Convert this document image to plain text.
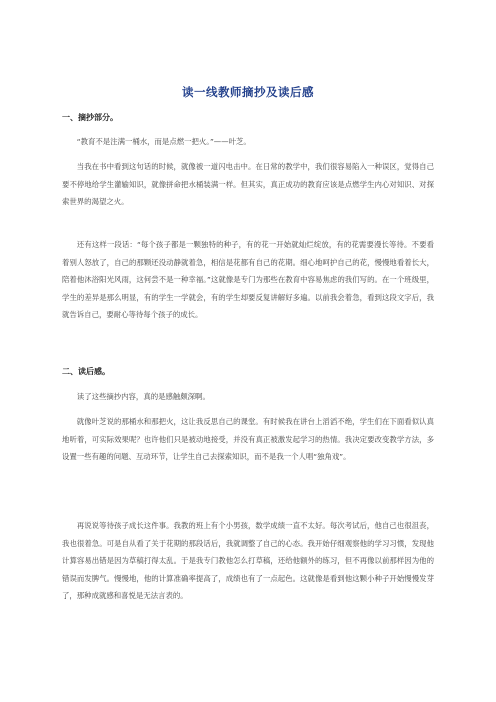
读一线教师摘抄及读后感
一、摘抄部分。

“教育不是注满一桶水，而是点燃一把火。”——叶芝。

当我在书中看到这句话的时候，就像被一道闪电击中。在日常的教学中，我们很容易陷入一种误区，觉得自己要不停地给学生灌输知识，就像拼命把水桶装满一样。但其实，真正成功的教育应该是点燃学生内心对知识、对探索世界的渴望之火。

还有这样一段话：“每个孩子都是一颗独特的种子，有的花一开始就灿烂绽放，有的花需要漫长等待。不要看着别人怒放了，自己的那颗还没动静就着急，相信是花都有自己的花期。细心地呵护自己的花，慢慢地看着长大，陪着他沐浴阳光风雨，这何尝不是一种幸福。”这就像是专门为那些在教育中容易焦虑的我们写的。在一个班级里，学生的差异是那么明显，有的学生一学就会，有的学生却要反复讲解好多遍。以前我会着急，看到这段文字后，我就告诉自己，要耐心等待每个孩子的成长。

二、读后感。

读了这些摘抄内容，真的是感触颇深啊。

就像叶芝说的那桶水和那把火，这让我反思自己的课堂。有时候我在讲台上滔滔不绝，学生们在下面看似认真地听着，可实际效果呢？也许他们只是被动地接受，并没有真正被激发起学习的热情。我决定要改变教学方法，多设置一些有趣的问题、互动环节，让学生自己去探索知识，而不是我一个人唱“独角戏”。

再说说等待孩子成长这件事。我教的班上有个小男孩，数学成绩一直不太好。每次考试后，他自己也很沮丧，我也很着急。可是自从看了关于花期的那段话后，我就调整了自己的心态。我开始仔细观察他的学习习惯，发现他计算容易出错是因为草稿打得太乱。于是我专门教他怎么打草稿，还给他额外的练习，但不再像以前那样因为他的错误而发脾气。慢慢地，他的计算准确率提高了，成绩也有了一点起色。这就像是看到他这颗小种子开始慢慢发芽了，那种成就感和喜悦是无法言表的。
